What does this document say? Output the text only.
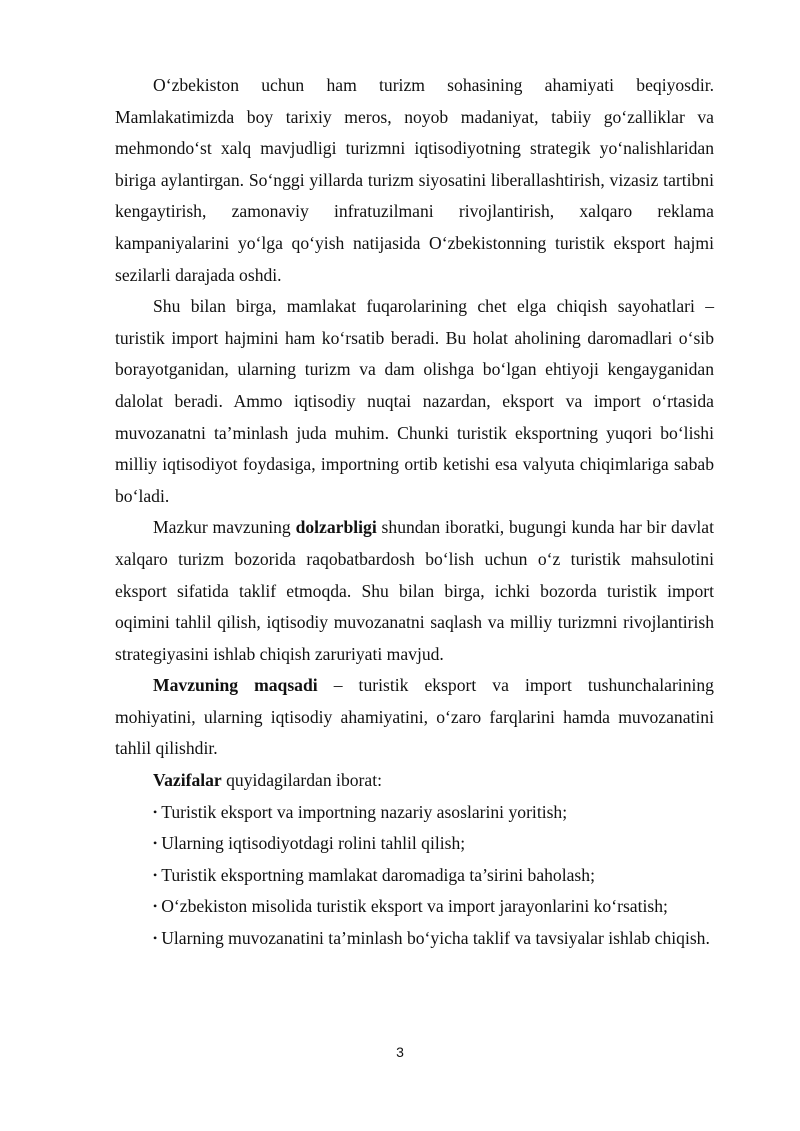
O‘zbekiston uchun ham turizm sohasining ahamiyati beqiyosdir. Mamlakatimizda boy tarixiy meros, noyob madaniyat, tabiiy go‘zalliklar va mehmondo‘st xalq mavjudligi turizmni iqtisodiyotning strategik yo‘nalishlaridan biriga aylantirgan. So‘nggi yillarda turizm siyosatini liberallashtirish, vizasiz tartibni kengaytirish, zamonaviy infratuzilmani rivojlantirish, xalqaro reklama kampaniyalarini yo‘lga qo‘yish natijasida O‘zbekistonning turistik eksport hajmi sezilarli darajada oshdi.

Shu bilan birga, mamlakat fuqarolarining chet elga chiqish sayohatlari – turistik import hajmini ham ko‘rsatib beradi. Bu holat aholining daromadlari o‘sib borayotganidan, ularning turizm va dam olishga bo‘lgan ehtiyoji kengayganidan dalolat beradi. Ammo iqtisodiy nuqtai nazardan, eksport va import o‘rtasida muvozanatni ta’minlash juda muhim. Chunki turistik eksportning yuqori bo‘lishi milliy iqtisodiyot foydasiga, importning ortib ketishi esa valyuta chiqimlariga sabab bo‘ladi.

Mazkur mavzuning dolzarbligi shundan iboratki, bugungi kunda har bir davlat xalqaro turizm bozorida raqobatbardosh bo‘lish uchun o‘z turistik mahsulotini eksport sifatida taklif etmoqda. Shu bilan birga, ichki bozorda turistik import oqimini tahlil qilish, iqtisodiy muvozanatni saqlash va milliy turizmni rivojlantirish strategiyasini ishlab chiqish zaruriyati mavjud.

Mavzuning maqsadi – turistik eksport va import tushunchalarining mohiyatini, ularning iqtisodiy ahamiyatini, o‘zaro farqlarini hamda muvozanatini tahlil qilishdir.

Vazifalar quyidagilardan iborat:

• Turistik eksport va importning nazariy asoslarini yoritish;

• Ularning iqtisodiyotdagi rolini tahlil qilish;

• Turistik eksportning mamlakat daromadiga ta’sirini baholash;

• O‘zbekiston misolida turistik eksport va import jarayonlarini ko‘rsatish;

• Ularning muvozanatini ta’minlash bo‘yicha taklif va tavsiyalar ishlab chiqish.

3
